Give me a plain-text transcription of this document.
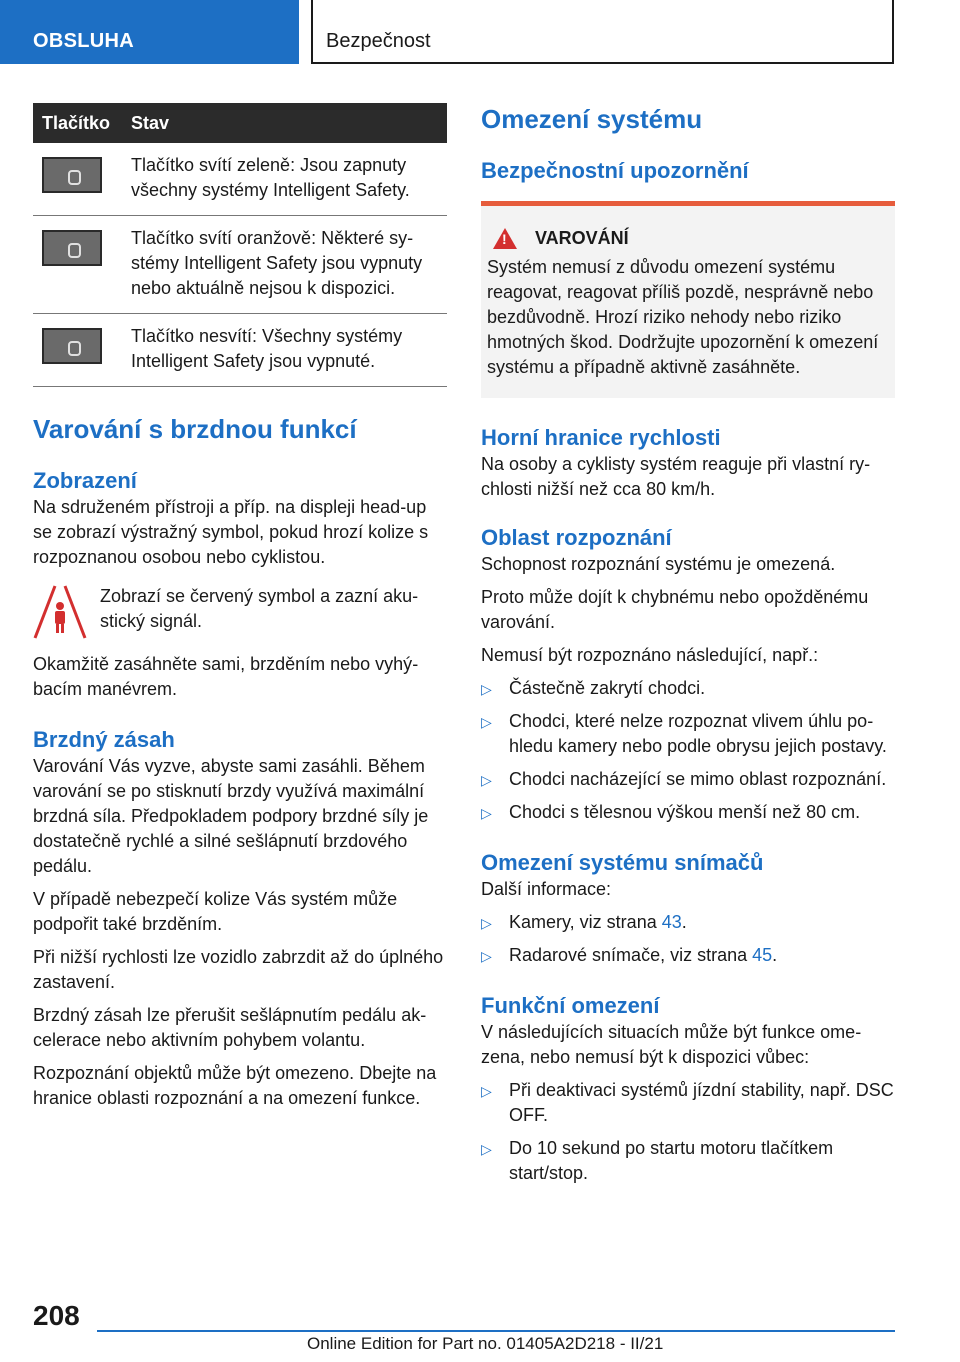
OBSLUHA	Bezpečnost
Tlačítko	Stav

	Tlačítko svítí zeleně: Jsou zapnuty všechny systémy Intelligent Safety.

	Tlačítko svítí oranžově: Některé systémy Intelligent Safety jsou vypnuty nebo aktuálně nejsou k dispozici.

	Tlačítko nesvítí: Všechny systémy Intelligent Safety jsou vypnuté.
Varování s brzdnou funkcí
Zobrazení

Na sdruženém přístroji a příp. na displeji head-up se zobrazí výstražný symbol, pokud hrozí kolize s rozpoznanou osobou nebo cyklistou.

Zobrazí se červený symbol a zazní akustický signál.

Okamžitě zasáhněte sami, brzděním nebo vyhýbacím manévrem.

Brzdný zásah

Varování Vás vyzve, abyste sami zasáhli. Během varování se po stisknutí brzdy využívá maximální brzdná síla. Předpokladem podpory brzdné síly je dostatečně rychlé a silné sešlápnutí brzdového pedálu.

V případě nebezpečí kolize Vás systém může podpořit také brzděním.

Při nižší rychlosti lze vozidlo zabrzdit až do úplného zastavení.

Brzdný zásah lze přerušit sešlápnutím pedálu akcelerace nebo aktivním pohybem volantu.

Rozpoznání objektů může být omezeno. Dbejte na hranice oblasti rozpoznání a na omezení funkce.

Omezení systému
Bezpečnostní upozornění
!
VAROVÁNÍ

Systém nemusí z důvodu omezení systému reagovat, reagovat příliš pozdě, nesprávně nebo bezdůvodně. Hrozí riziko nehody nebo riziko hmotných škod. Dodržujte upozornění k omezení systému a případně aktivně zasáhněte.

Horní hranice rychlosti

Na osoby a cyklisty systém reaguje při vlastní rychlosti nižší než cca 80 km/h.

Oblast rozpoznání

Schopnost rozpoznání systému je omezená.

Proto může dojít k chybnému nebo opožděnému varování.

Nemusí být rozpoznáno následující, např.:

▷ Částečně zakrytí chodci.
▷ Chodci, které nelze rozpoznat vlivem úhlu pohledu kamery nebo podle obrysu jejich postavy.
▷ Chodci nacházející se mimo oblast rozpoznání.
▷ Chodci s tělesnou výškou menší než 80 cm.
Omezení systému snímačů

Další informace:

▷ Kamery, viz strana 43.
▷ Radarové snímače, viz strana 45.
Funkční omezení

V následujících situacích může být funkce omezena, nebo nemusí být k dispozici vůbec:

▷ Při deaktivaci systémů jízdní stability, např. DSC OFF.
▷ Do 10 sekund po startu motoru tlačítkem start/stop.
208
Online Edition for Part no. 01405A2D218 - II/21
